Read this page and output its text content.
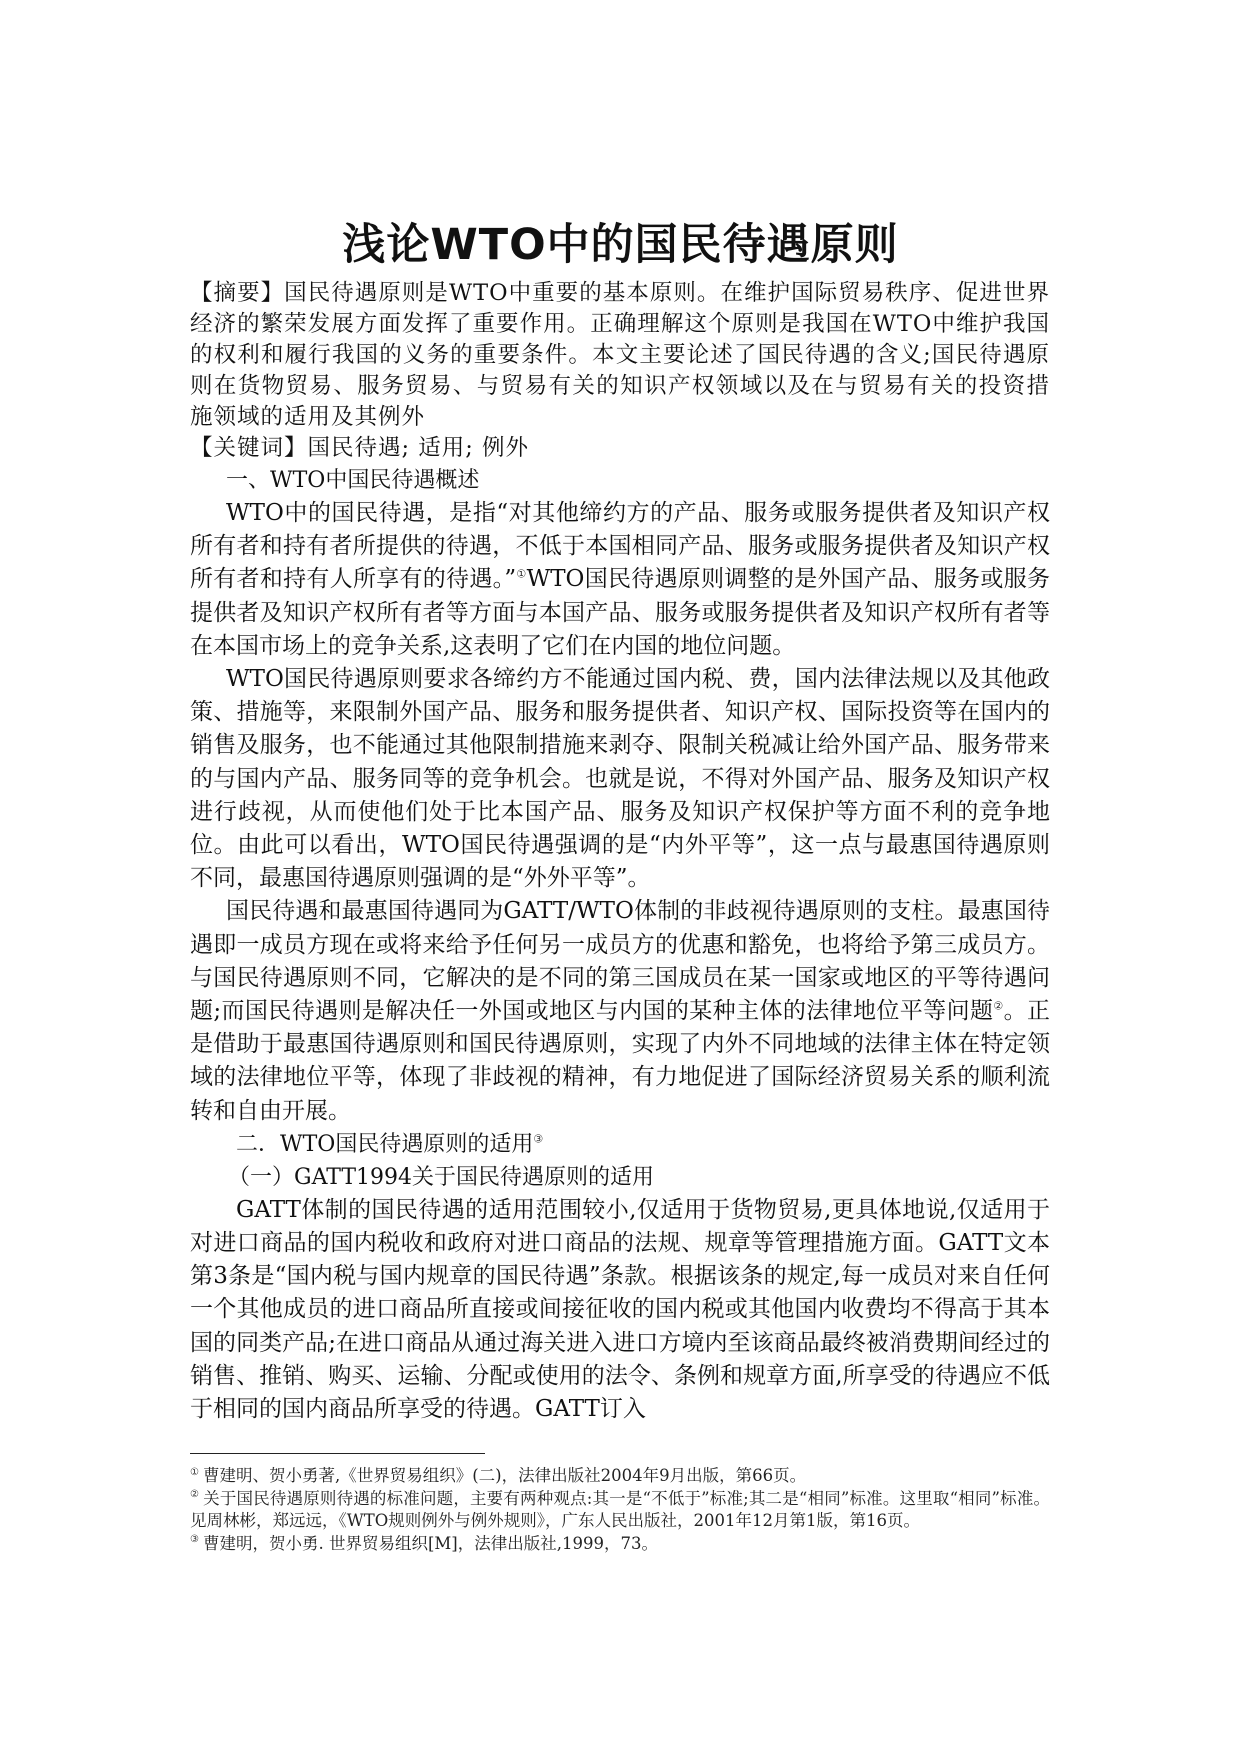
浅论WTO中的国民待遇原则

【摘要】国民待遇原则是WTO中重要的基本原则。在维护国际贸易秩序、促进世界经济的繁荣发展方面发挥了重要作用。正确理解这个原则是我国在WTO中维护我国的权利和履行我国的义务的重要条件。本文主要论述了国民待遇的含义;国民待遇原则在货物贸易、服务贸易、与贸易有关的知识产权领域以及在与贸易有关的投资措施领域的适用及其例外

【关键词】国民待遇; 适用; 例外

一、WTO中国民待遇概述

WTO中的国民待遇，是指“对其他缔约方的产品、服务或服务提供者及知识产权所有者和持有者所提供的待遇，不低于本国相同产品、服务或服务提供者及知识产权所有者和持有人所享有的待遇。”①WTO国民待遇原则调整的是外国产品、服务或服务提供者及知识产权所有者等方面与本国产品、服务或服务提供者及知识产权所有者等在本国市场上的竞争关系,这表明了它们在内国的地位问题。

WTO国民待遇原则要求各缔约方不能通过国内税、费，国内法律法规以及其他政策、措施等，来限制外国产品、服务和服务提供者、知识产权、国际投资等在国内的销售及服务，也不能通过其他限制措施来剥夺、限制关税减让给外国产品、服务带来的与国内产品、服务同等的竞争机会。也就是说，不得对外国产品、服务及知识产权进行歧视，从而使他们处于比本国产品、服务及知识产权保护等方面不利的竞争地位。由此可以看出，WTO国民待遇强调的是“内外平等”，这一点与最惠国待遇原则不同，最惠国待遇原则强调的是“外外平等”。

国民待遇和最惠国待遇同为GATT/WTO体制的非歧视待遇原则的支柱。最惠国待遇即一成员方现在或将来给予任何另一成员方的优惠和豁免，也将给予第三成员方。与国民待遇原则不同，它解决的是不同的第三国成员在某一国家或地区的平等待遇问题;而国民待遇则是解决任一外国或地区与内国的某种主体的法律地位平等问题②。正是借助于最惠国待遇原则和国民待遇原则，实现了内外不同地域的法律主体在特定领域的法律地位平等，体现了非歧视的精神，有力地促进了国际经济贸易关系的顺利流转和自由开展。

二．WTO国民待遇原则的适用③

（一）GATT1994关于国民待遇原则的适用

GATT体制的国民待遇的适用范围较小,仅适用于货物贸易,更具体地说,仅适用于对进口商品的国内税收和政府对进口商品的法规、规章等管理措施方面。GATT文本第3条是“国内税与国内规章的国民待遇”条款。根据该条的规定,每一成员对来自任何一个其他成员的进口商品所直接或间接征收的国内税或其他国内收费均不得高于其本国的同类产品;在进口商品从通过海关进入进口方境内至该商品最终被消费期间经过的销售、推销、购买、运输、分配或使用的法令、条例和规章方面,所享受的待遇应不低于相同的国内商品所享受的待遇。GATT订入

① 曹建明、贺小勇著,《世界贸易组织》(二)，法律出版社2004年9月出版，第66页。

② 关于国民待遇原则待遇的标准问题，主要有两种观点:其一是“不低于”标准;其二是“相同”标准。这里取“相同”标准。见周林彬，郑远远，《WTO规则例外与例外规则》，广东人民出版社，2001年12月第1版，第16页。

③ 曹建明，贺小勇. 世界贸易组织[M]，法律出版社,1999，73。
